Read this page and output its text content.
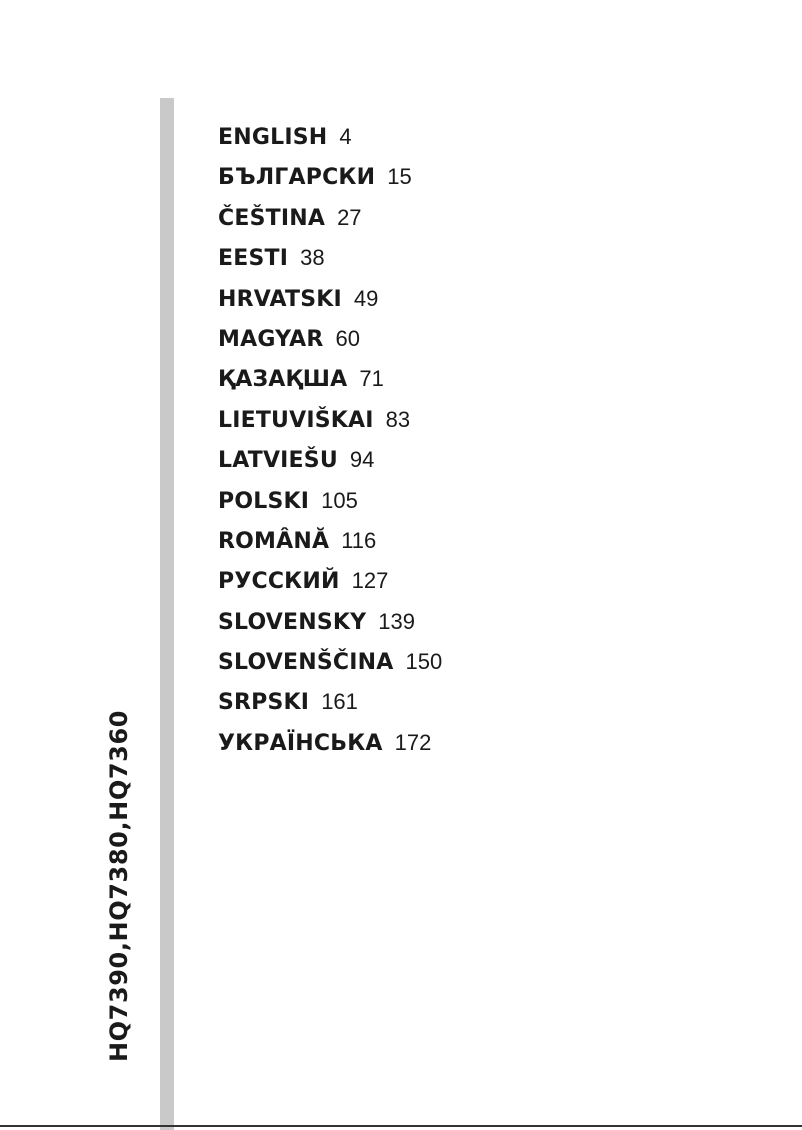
HQ7390,HQ7380,HQ7360
ENGLISH 4
БЪЛГАРСКИ 15
ČEŠTINA 27
EESTI 38
HRVATSKI 49
MAGYAR 60
ҚАЗАҚША 71
LIETUVIŠKAI 83
LATVIEŠU 94
POLSKI 105
ROMÂNĂ 116
РУССКИЙ 127
SLOVENSKY 139
SLOVENŠČINA 150
SRPSKI 161
УКРАЇНСЬКА 172
